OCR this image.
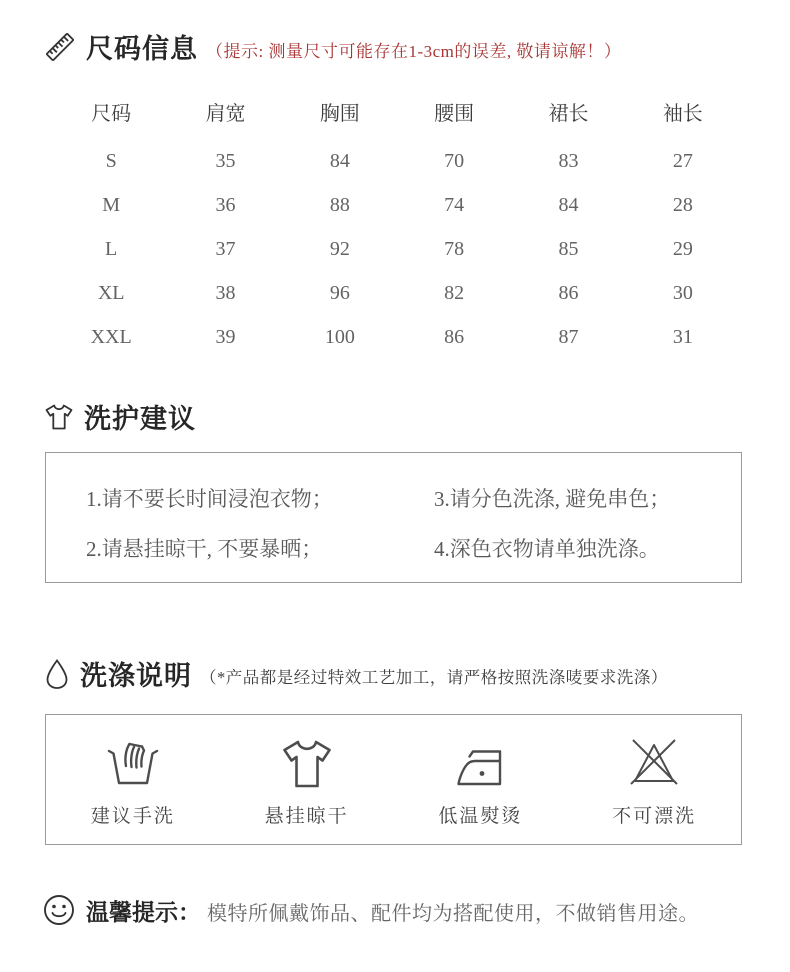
尺码信息 （提示: 测量尺寸可能存在1-3cm的误差, 敬请谅解！）
尺码	肩宽	胸围	腰围	裙长	袖长
S	35	84	70	83	27
M	36	88	74	84	28
L	37	92	78	85	29
XL	38	96	82	86	30
XXL	39	100	86	87	31
洗护建议
1.请不要长时间浸泡衣物；	3.请分色洗涤, 避免串色；
2.请悬挂晾干, 不要暴晒；	4.深色衣物请单独洗涤。
洗涤说明 （*产品都是经过特效工艺加工，请严格按照洗涤唛要求洗涤）
建议手洗	悬挂晾干	低温熨烫	不可漂洗
温馨提示： 模特所佩戴饰品、配件均为搭配使用，不做销售用途。
